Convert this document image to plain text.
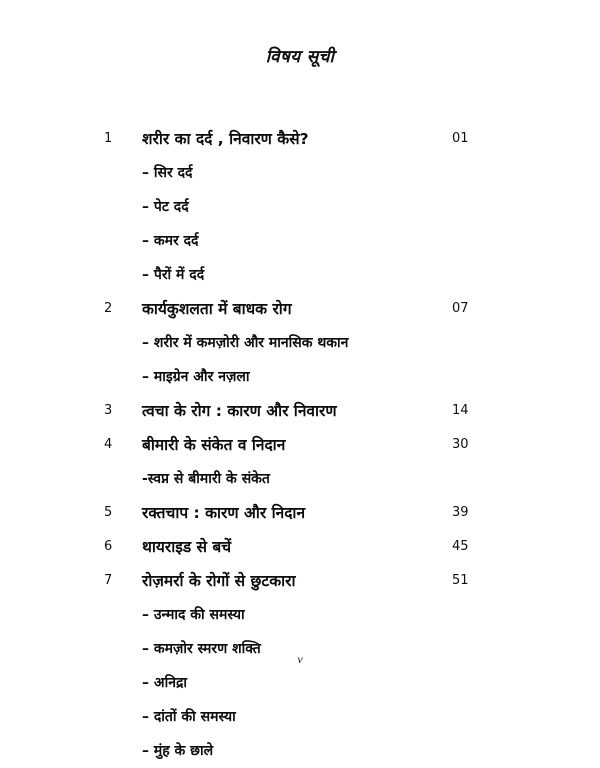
विषय सूची
1	शरीर का दर्द , निवारण कैसे?	01
– सिर दर्द
– पेट दर्द
– कमर दर्द
– पैरों में दर्द
2	कार्यकुशलता में बाधक रोग	07
– शरीर में कमज़ोरी और मानसिक थकान
– माइग्रेन और नज़ला
3	त्वचा के रोग : कारण और निवारण	14
4	बीमारी के संकेत व निदान	30
-स्वप्न से बीमारी के संकेत
5	रक्तचाप : कारण और निदान	39
6	थायराइड से बचें	45
7	रोज़मर्रा के रोगों से छुटकारा	51
– उन्माद की समस्या
– कमज़ोर स्मरण शक्ति
– अनिद्रा
– दांतों की समस्या
– मुंह के छाले
v
